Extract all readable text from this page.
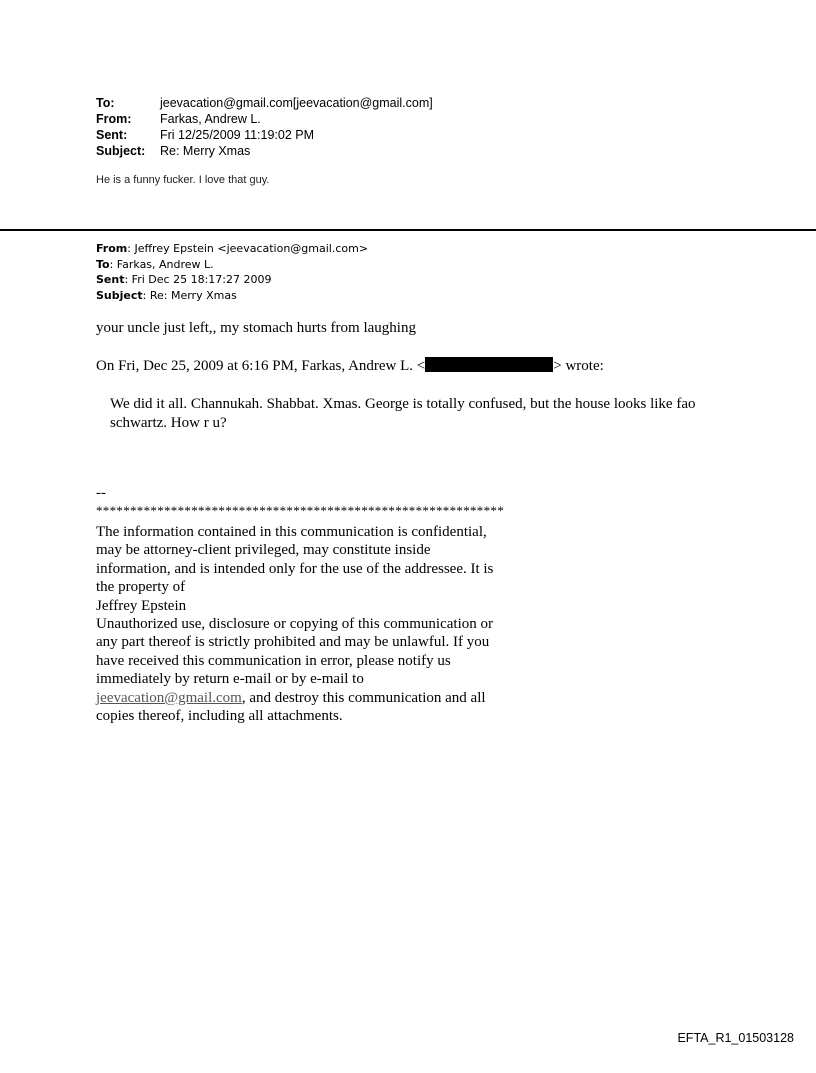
To:	jeevacation@gmail.com[jeevacation@gmail.com]
From:	Farkas, Andrew L.
Sent:	Fri 12/25/2009 11:19:02 PM
Subject:	Re: Merry Xmas
He is a funny fucker. I love that guy.
From: Jeffrey Epstein <jeevacation@gmail.com>
To: Farkas, Andrew L.
Sent: Fri Dec 25 18:17:27 2009
Subject: Re: Merry Xmas
your uncle just left,, my stomach hurts from laughing
On Fri, Dec 25, 2009 at 6:16 PM, Farkas, Andrew L. <	> wrote:
We did it all. Channukah. Shabbat. Xmas. George is totally confused, but the house looks like fao schwartz. How r u?
--
************************************************************
The information contained in this communication is confidential, may be attorney-client privileged, may constitute inside information, and is intended only for the use of the addressee. It is the property of
Jeffrey Epstein
Unauthorized use, disclosure or copying of this communication or any part thereof is strictly prohibited and may be unlawful. If you have received this communication in error, please notify us immediately by return e-mail or by e-mail to jeevacation@gmail.com, and destroy this communication and all copies thereof, including all attachments.
EFTA_R1_01503128
